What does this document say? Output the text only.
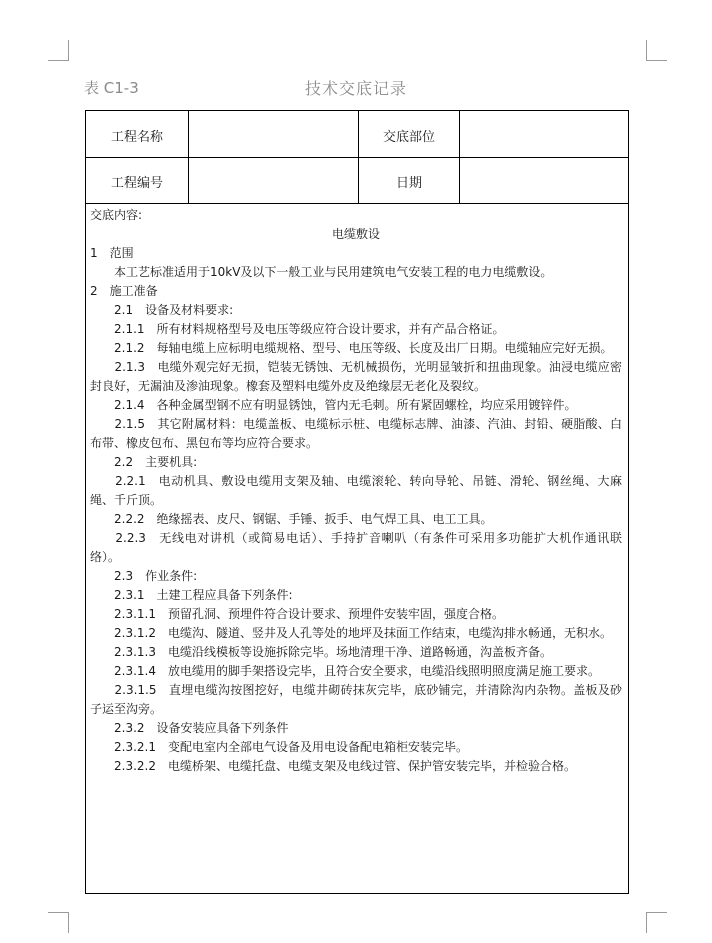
表 C1-3	技术交底记录
工程名称	交底部位
工程编号	日期
交底内容:
电缆敷设
1　范围
　　本工艺标准适用于10kV及以下一般工业与民用建筑电气安装工程的电力电缆敷设。
2　施工准备
　　2.1　设备及材料要求:
　　2.1.1　所有材料规格型号及电压等级应符合设计要求，并有产品合格证。
　　2.1.2　每轴电缆上应标明电缆规格、型号、电压等级、长度及出厂日期。电缆轴应完好无损。
　　2.1.3　电缆外观完好无损，铠装无锈蚀、无机械损伤，光明显皱折和扭曲现象。油浸电缆应密封良好，无漏油及渗油现象。橡套及塑料电缆外皮及绝缘层无老化及裂纹。
　　2.1.4　各种金属型钢不应有明显锈蚀，管内无毛刺。所有紧固螺栓，均应采用镀锌件。
　　2.1.5　其它附属材料：电缆盖板、电缆标示桩、电缆标志牌、油漆、汽油、封铅、硬脂酸、白布带、橡皮包布、黑包布等均应符合要求。
　　2.2　主要机具:
　　2.2.1　电动机具、敷设电缆用支架及轴、电缆滚轮、转向导轮、吊链、滑轮、钢丝绳、大麻绳、千斤顶。
　　2.2.2　绝缘摇表、皮尺、钢锯、手锤、扳手、电气焊工具、电工工具。
　　2.2.3　无线电对讲机（或简易电话）、手持扩音喇叭（有条件可采用多功能扩大机作通讯联络）。
　　2.3　作业条件:
　　2.3.1　土建工程应具备下列条件:
　　2.3.1.1　预留孔洞、预埋件符合设计要求、预埋件安装牢固，强度合格。
　　2.3.1.2　电缆沟、隧道、竖井及人孔等处的地坪及抹面工作结束，电缆沟排水畅通，无积水。
　　2.3.1.3　电缆沿线模板等设施拆除完毕。场地清理干净、道路畅通，沟盖板齐备。
　　2.3.1.4　放电缆用的脚手架搭设完毕，且符合安全要求，电缆沿线照明照度满足施工要求。
　　2.3.1.5　直埋电缆沟按图挖好，电缆井砌砖抹灰完毕，底砂铺完，并清除沟内杂物。盖板及砂子运至沟旁。
　　2.3.2　设备安装应具备下列条件
　　2.3.2.1　变配电室内全部电气设备及用电设备配电箱柜安装完毕。
　　2.3.2.2　电缆桥架、电缆托盘、电缆支架及电线过管、保护管安装完毕，并检验合格。
